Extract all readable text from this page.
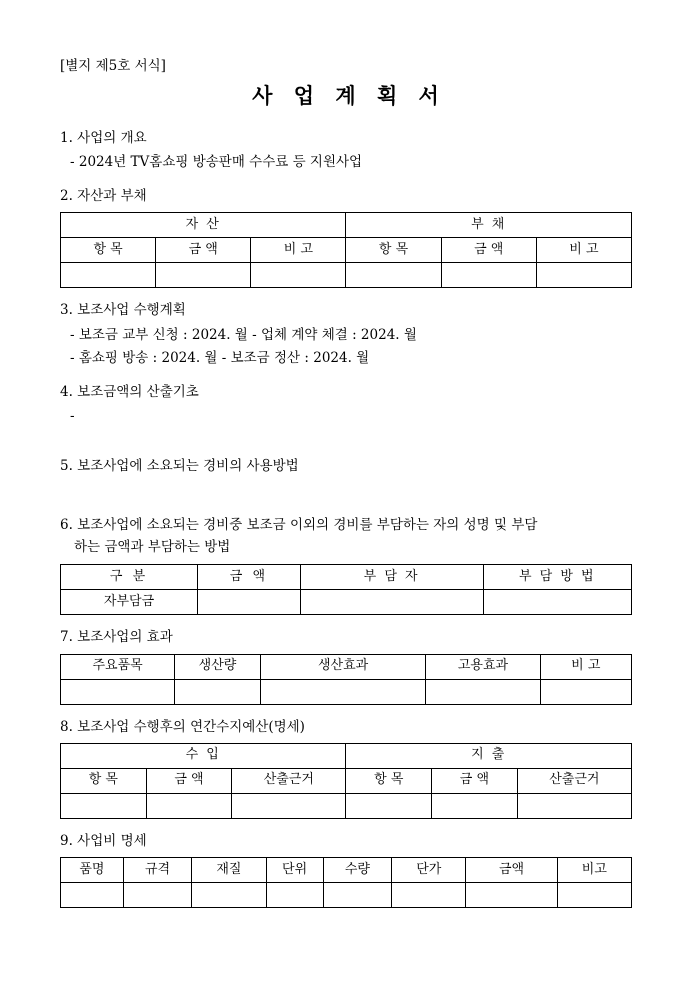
[별지 제5호 서식]
사 업 계 획 서
1. 사업의 개요
- 2024년 TV홈쇼핑 방송판매 수수료 등 지원사업
2. 자산과 부채
자 산			부 채		
항 목	금 액	비 고	항 목	금 액	비 고

3. 보조사업 수행계획
- 보조금 교부 신청 : 2024. 월 - 업체 계약 체결 : 2024. 월
- 홈쇼핑 방송 : 2024. 월 - 보조금 정산 : 2024. 월
4. 보조금액의 산출기초
-
5. 보조사업에 소요되는 경비의 사용방법
6. 보조사업에 소요되는 경비중 보조금 이외의 경비를 부담하는 자의 성명 및 부담
하는 금액과 부담하는 방법
구 분	금 액	부 담 자	부 담 방 법
자부담금			
7. 보조사업의 효과
주요품목	생산량	생산효과	고용효과	비 고

8. 보조사업 수행후의 연간수지예산(명세)
수 입			지 출		
항 목	금 액	산출근거	항 목	금 액	산출근거

9. 사업비 명세
품명	규격	재질	단위	수량	단가	금액	비고
